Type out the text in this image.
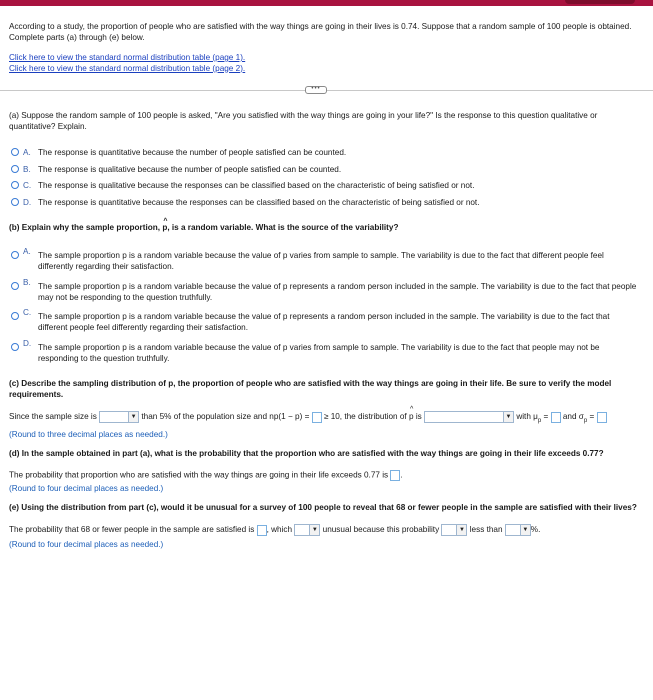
According to a study, the proportion of people who are satisfied with the way things are going in their lives is 0.74. Suppose that a random sample of 100 people is obtained. Complete parts (a) through (e) below.

Click here to view the standard normal distribution table (page 1).

Click here to view the standard normal distribution table (page 2).

•••

(a) Suppose the random sample of 100 people is asked, "Are you satisfied with the way things are going in your life?" Is the response to this question qualitative or quantitative? Explain.

A. The response is quantitative because the number of people satisfied can be counted.
B. The response is qualitative because the number of people satisfied can be counted.
C. The response is qualitative because the responses can be classified based on the characteristic of being satisfied or not.
D. The response is quantitative because the responses can be classified based on the characteristic of being satisfied or not.

(b) Explain why the sample proportion, ^ p, is a random variable. What is the source of the variability?

A. The sample proportion p is a random variable because the value of p varies from sample to sample. The variability is due to the fact that different people feel differently regarding their satisfaction.
B. The sample proportion p is a random variable because the value of p represents a random person included in the sample. The variability is due to the fact that people may not be responding to the question truthfully.
C. The sample proportion p is a random variable because the value of p represents a random person included in the sample. The variability is due to the fact that different people feel differently regarding their satisfaction.
D. The sample proportion p is a random variable because the value of p varies from sample to sample. The variability is due to the fact that people may not be responding to the question truthfully.

(c) Describe the sampling distribution of p, the proportion of people who are satisfied with the way things are going in their life. Be sure to verify the model requirements.

Since the sample size is	▼ than 5% of the population size and np(1 − p) = ≥ 10, the distribution of ^ p is	▼ with $\mu_p$ = and $\sigma_p$ =

(Round to three decimal places as needed.)

(d) In the sample obtained in part (a), what is the probability that the proportion who are satisfied with the way things are going in their life exceeds 0.77?

The probability that proportion who are satisfied with the way things are going in their life exceeds 0.77 is .

(Round to four decimal places as needed.)

(e) Using the distribution from part (c), would it be unusual for a survey of 100 people to reveal that 68 or fewer people in the sample are satisfied with their lives?

The probability that 68 or fewer people in the sample are satisfied is , which	▼ unusual because this probability	▼ less than	▼ %.

(Round to four decimal places as needed.)
